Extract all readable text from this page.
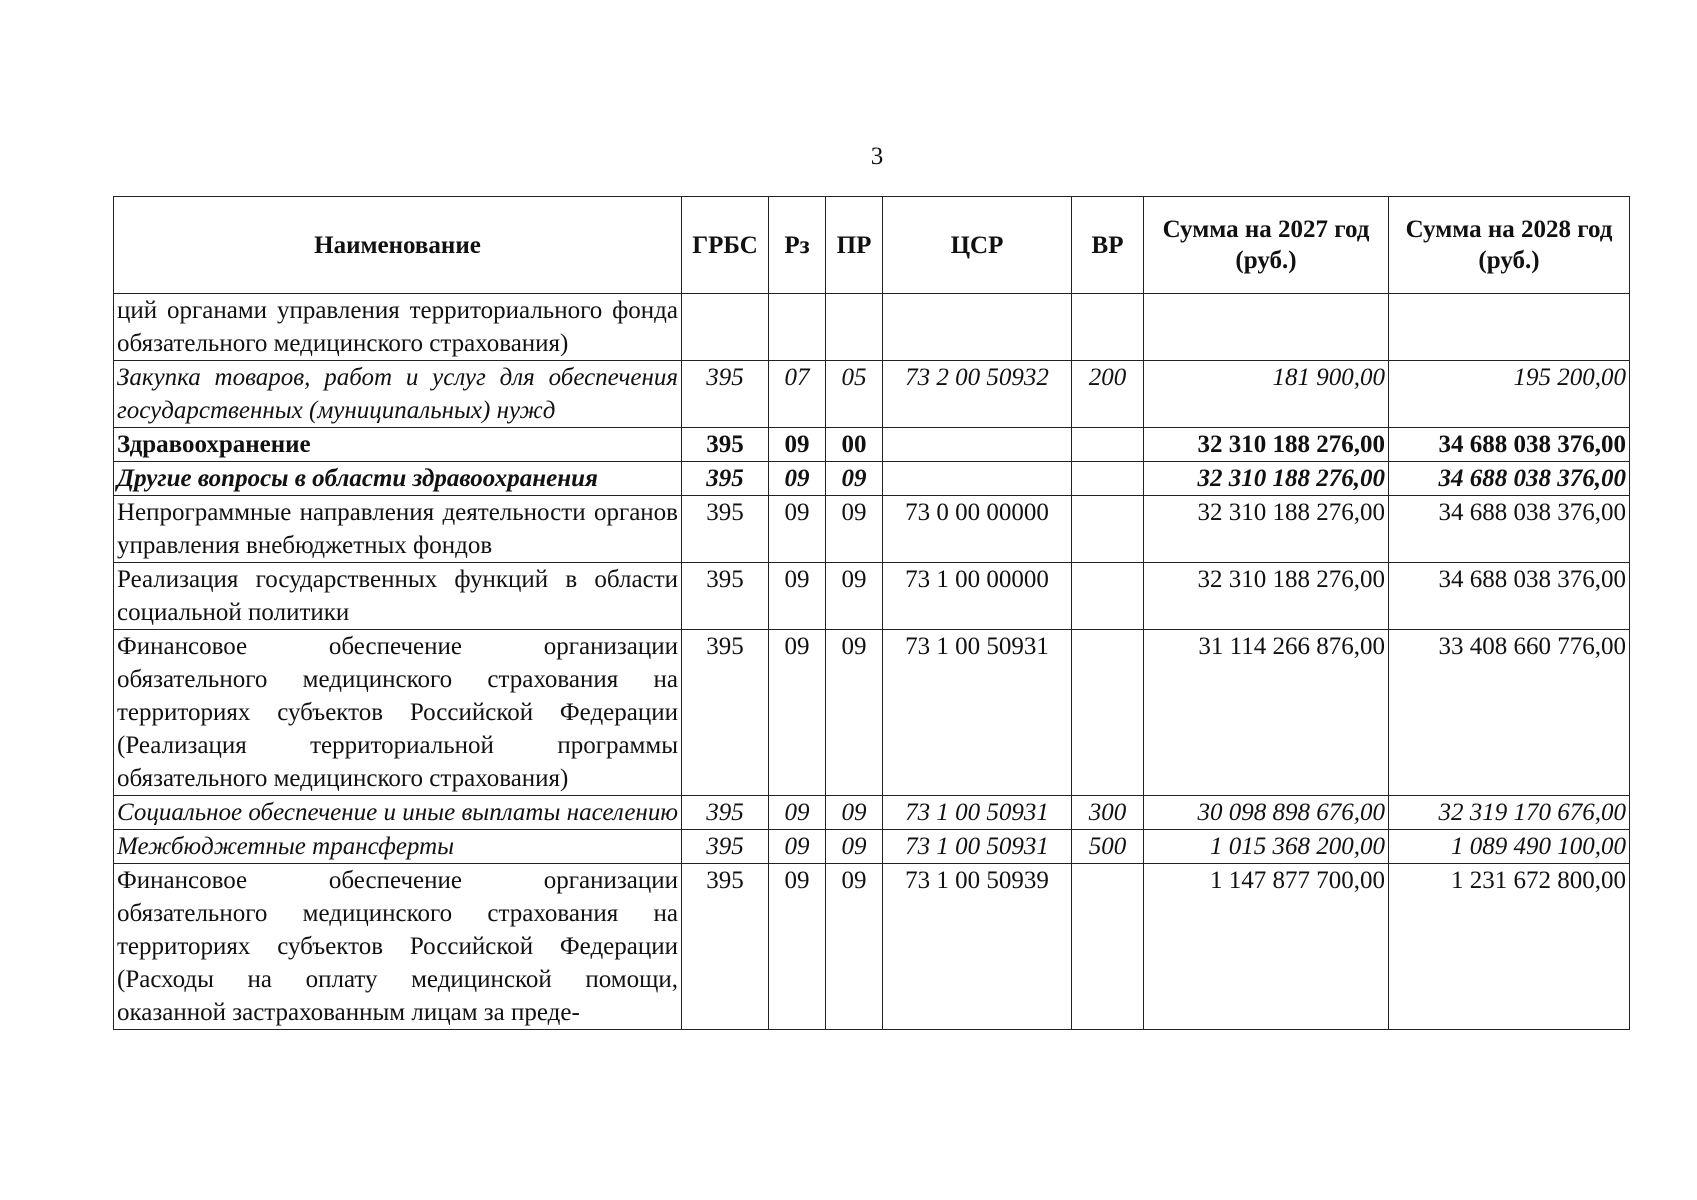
3
Наименование	ГРБС	Рз	ПР	ЦСР	ВР	Сумма на 2027 год (руб.)	Сумма на 2028 год (руб.)
ций органами управления территориального фонда обязательного медицинского страхования)							
Закупка товаров, работ и услуг для обеспечения государственных (муниципальных) нужд	395	07	05	73 2 00 50932	200	181 900,00	195 200,00
Здравоохранение	395	09	00			32 310 188 276,00	34 688 038 376,00
Другие вопросы в области здравоохранения	395	09	09			32 310 188 276,00	34 688 038 376,00
Непрограммные направления деятельности органов управления внебюджетных фондов	395	09	09	73 0 00 00000		32 310 188 276,00	34 688 038 376,00
Реализация государственных функций в области социальной политики	395	09	09	73 1 00 00000		32 310 188 276,00	34 688 038 376,00
Финансовое обеспечение организации обязательного медицинского страхования на территориях субъектов Российской Федерации (Реализация территориальной программы обязательного медицинского страхования)	395	09	09	73 1 00 50931		31 114 266 876,00	33 408 660 776,00
Социальное обеспечение и иные выплаты населению	395	09	09	73 1 00 50931	300	30 098 898 676,00	32 319 170 676,00
Межбюджетные трансферты	395	09	09	73 1 00 50931	500	1 015 368 200,00	1 089 490 100,00
Финансовое обеспечение организации обязательного медицинского страхования на территориях субъектов Российской Федерации (Расходы на оплату медицинской помощи, оказанной застрахованным лицам за преде-	395	09	09	73 1 00 50939		1 147 877 700,00	1 231 672 800,00
